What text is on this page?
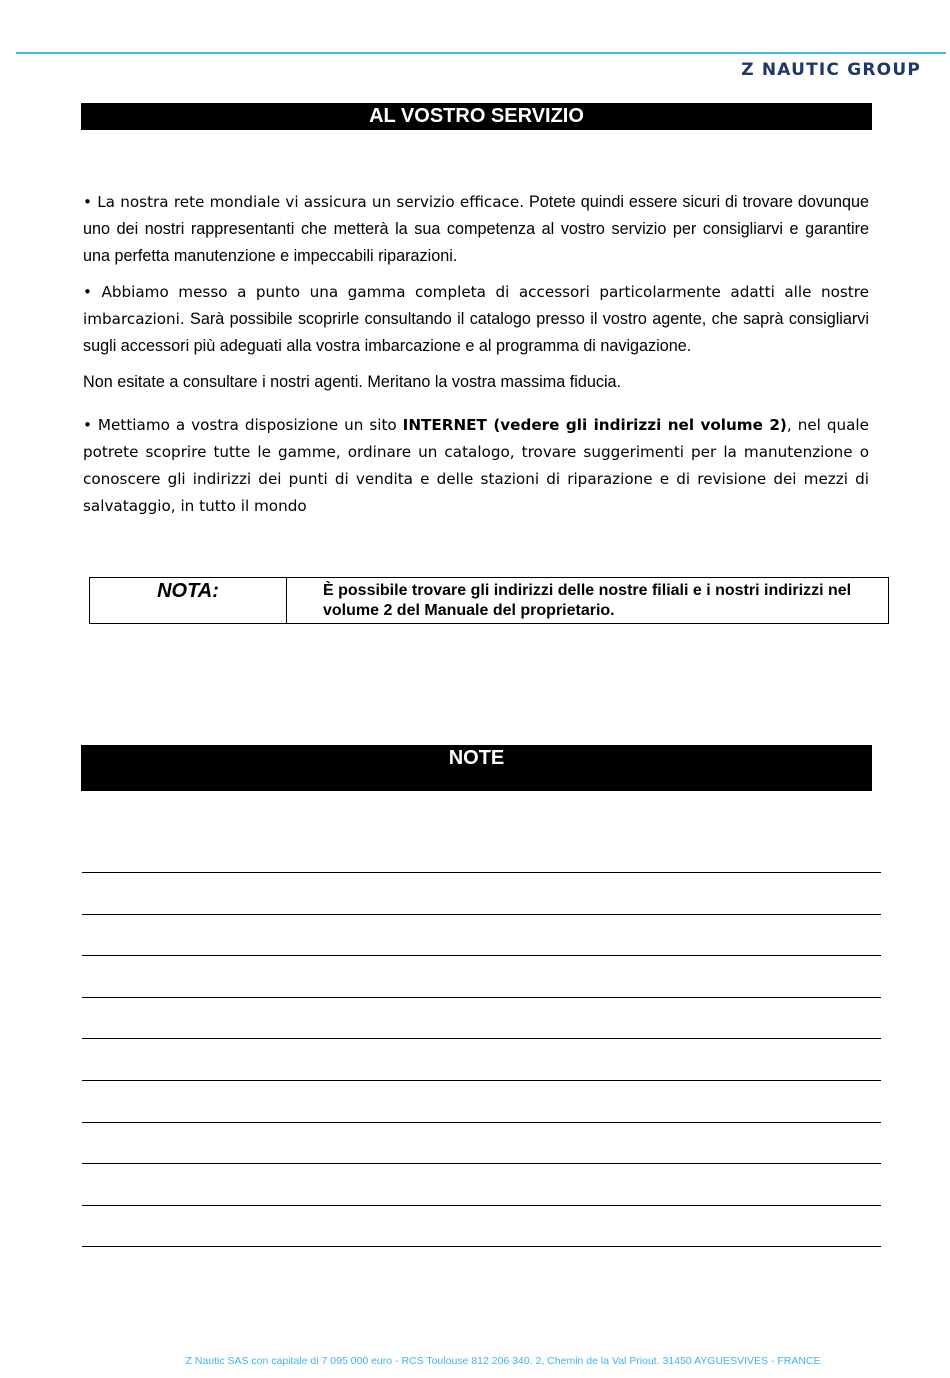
Z NAUTIC GROUP
AL VOSTRO SERVIZIO

• La nostra rete mondiale vi assicura un servizio efficace. Potete quindi essere sicuri di trovare dovunque uno dei nostri rappresentanti che metterà la sua competenza al vostro servizio per consigliarvi e garantire una perfetta manutenzione e impeccabili riparazioni.

• Abbiamo messo a punto una gamma completa di accessori particolarmente adatti alle nostre imbarcazioni. Sarà possibile scoprirle consultando il catalogo presso il vostro agente, che saprà consigliarvi sugli accessori più adeguati alla vostra imbarcazione e al programma di navigazione.

Non esitate a consultare i nostri agenti. Meritano la vostra massima fiducia.

• Mettiamo a vostra disposizione un sito INTERNET (vedere gli indirizzi nel volume 2), nel quale potrete scoprire tutte le gamme, ordinare un catalogo, trovare suggerimenti per la manutenzione o conoscere gli indirizzi dei punti di vendita e delle stazioni di riparazione e di revisione dei mezzi di salvataggio, in tutto il mondo

NOTA:	È possibile trovare gli indirizzi delle nostre filiali e i nostri indirizzi nel volume 2 del Manuale del proprietario.
NOTE
Z Nautic SAS con capitale di 7 095 000 euro - RCS Toulouse 812 206 340. 2, Chemin de la Val Priout. 31450 AYGUESVIVES - FRANCE
